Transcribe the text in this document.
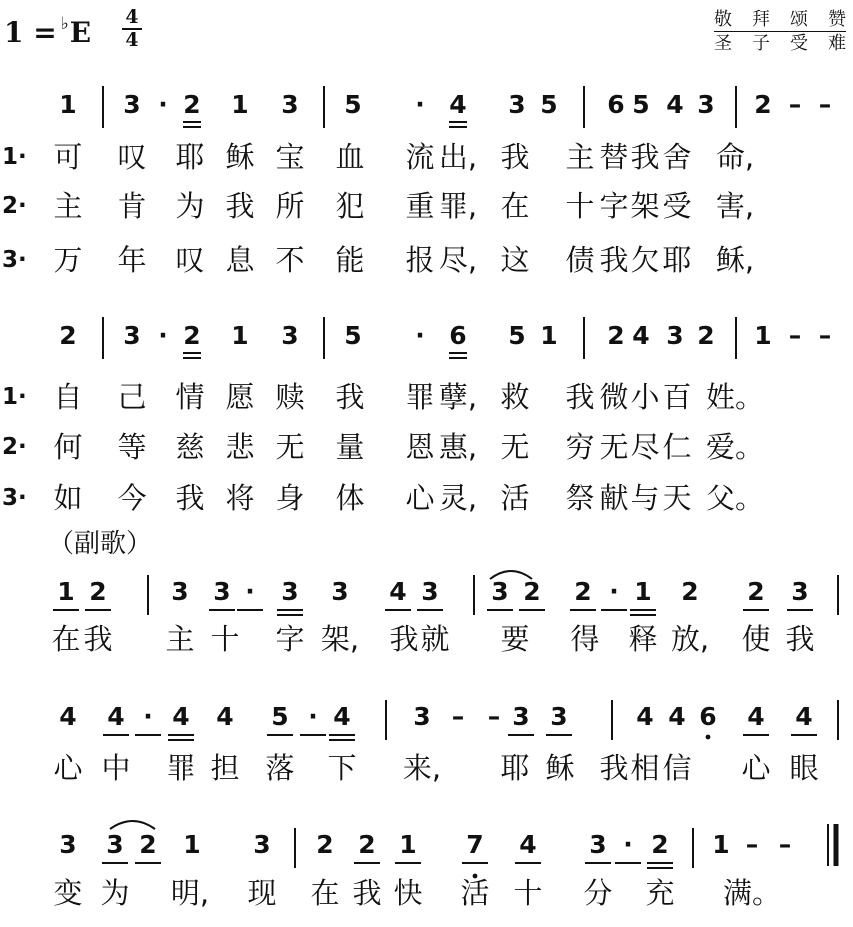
1 = ♭E 4
4
敬拜颂赞
圣子受难
（副歌）
1 3 · 2 1 3 5 · 4 3 5 6 5 4 3 2 – –
1· 可 叹 耶 稣 宝 血 流 出, 我 主 替 我 舍 命,
2· 主 肯 为 我 所 犯 重 罪, 在 十 字 架 受 害,
3· 万 年 叹 息 不 能 报 尽, 这 债 我 欠 耶 稣,
2 3 · 2 1 3 5 · 6 5 1 2 4 3 2 1 – –
1· 自 己 情 愿 赎 我 罪 孽, 救 我 微 小 百 姓。
2· 何 等 慈 悲 无 量 恩 惠, 无 穷 无 尽 仁 爱。
3· 如 今 我 将 身 体 心 灵, 活 祭 献 与 天 父。
1 2	3 3 · 3 3 4 3 3 2 2 · 1 2 2 3
在 我 主 十 字 架, 我 就 要 得 释 放, 使 我
4 4 · 4 4 5 · 4	3 – – 3 3	4 4 6 4 4
心 中 罪 担 落 下 来, 耶 稣 我 相 信 心 眼
3 3 2 1 3 2 2 1 7 4 3 · 2 1 – –
变 为 明, 现 在 我 快 活 十 分 充 满。
